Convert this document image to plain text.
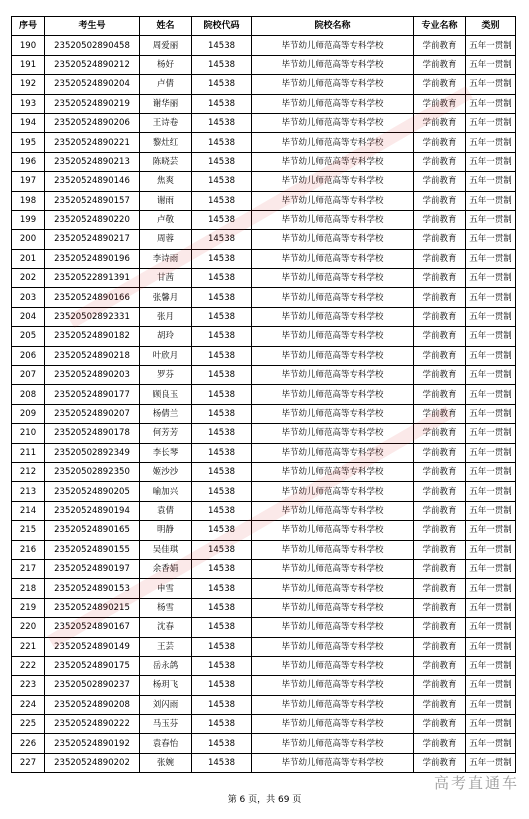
序号	考生号	姓名	院校代码	院校名称	专业名称	类别
190	23520502890458	周爱丽	14538	毕节幼儿师范高等专科学校	学前教育	五年一贯制
191	23520524890212	杨好	14538	毕节幼儿师范高等专科学校	学前教育	五年一贯制
192	23520524890204	卢倩	14538	毕节幼儿师范高等专科学校	学前教育	五年一贯制
193	23520524890219	谢华丽	14538	毕节幼儿师范高等专科学校	学前教育	五年一贯制
194	23520524890206	王诗卷	14538	毕节幼儿师范高等专科学校	学前教育	五年一贯制
195	23520524890221	黎灶红	14538	毕节幼儿师范高等专科学校	学前教育	五年一贯制
196	23520524890213	陈晓芸	14538	毕节幼儿师范高等专科学校	学前教育	五年一贯制
197	23520524890146	焦爽	14538	毕节幼儿师范高等专科学校	学前教育	五年一贯制
198	23520524890157	谢雨	14538	毕节幼儿师范高等专科学校	学前教育	五年一贯制
199	23520524890220	卢敬	14538	毕节幼儿师范高等专科学校	学前教育	五年一贯制
200	23520524890217	周蓉	14538	毕节幼儿师范高等专科学校	学前教育	五年一贯制
201	23520524890196	李诗雨	14538	毕节幼儿师范高等专科学校	学前教育	五年一贯制
202	23520522891391	甘茜	14538	毕节幼儿师范高等专科学校	学前教育	五年一贯制
203	23520524890166	张馨月	14538	毕节幼儿师范高等专科学校	学前教育	五年一贯制
204	23520502892331	张月	14538	毕节幼儿师范高等专科学校	学前教育	五年一贯制
205	23520524890182	胡玲	14538	毕节幼儿师范高等专科学校	学前教育	五年一贯制
206	23520524890218	叶欣月	14538	毕节幼儿师范高等专科学校	学前教育	五年一贯制
207	23520524890203	罗芬	14538	毕节幼儿师范高等专科学校	学前教育	五年一贯制
208	23520524890177	顾良玉	14538	毕节幼儿师范高等专科学校	学前教育	五年一贯制
209	23520524890207	杨倩兰	14538	毕节幼儿师范高等专科学校	学前教育	五年一贯制
210	23520524890178	何芳芳	14538	毕节幼儿师范高等专科学校	学前教育	五年一贯制
211	23520502892349	李长琴	14538	毕节幼儿师范高等专科学校	学前教育	五年一贯制
212	23520502892350	姬沙沙	14538	毕节幼儿师范高等专科学校	学前教育	五年一贯制
213	23520524890205	喻加兴	14538	毕节幼儿师范高等专科学校	学前教育	五年一贯制
214	23520524890194	袁倩	14538	毕节幼儿师范高等专科学校	学前教育	五年一贯制
215	23520524890165	明静	14538	毕节幼儿师范高等专科学校	学前教育	五年一贯制
216	23520524890155	吴佳琪	14538	毕节幼儿师范高等专科学校	学前教育	五年一贯制
217	23520524890197	余香娟	14538	毕节幼儿师范高等专科学校	学前教育	五年一贯制
218	23520524890153	申雪	14538	毕节幼儿师范高等专科学校	学前教育	五年一贯制
219	23520524890215	杨雪	14538	毕节幼儿师范高等专科学校	学前教育	五年一贯制
220	23520524890167	沈春	14538	毕节幼儿师范高等专科学校	学前教育	五年一贯制
221	23520524890149	王芸	14538	毕节幼儿师范高等专科学校	学前教育	五年一贯制
222	23520524890175	岳永鸽	14538	毕节幼儿师范高等专科学校	学前教育	五年一贯制
223	23520502890237	杨玥飞	14538	毕节幼儿师范高等专科学校	学前教育	五年一贯制
224	23520524890208	刘闪雨	14538	毕节幼儿师范高等专科学校	学前教育	五年一贯制
225	23520524890222	马玉芬	14538	毕节幼儿师范高等专科学校	学前教育	五年一贯制
226	23520524890192	袁春怡	14538	毕节幼儿师范高等专科学校	学前教育	五年一贯制
227	23520524890202	张婉	14538	毕节幼儿师范高等专科学校	学前教育	五年一贯制
第 6 页，共 69 页
高考直通车
